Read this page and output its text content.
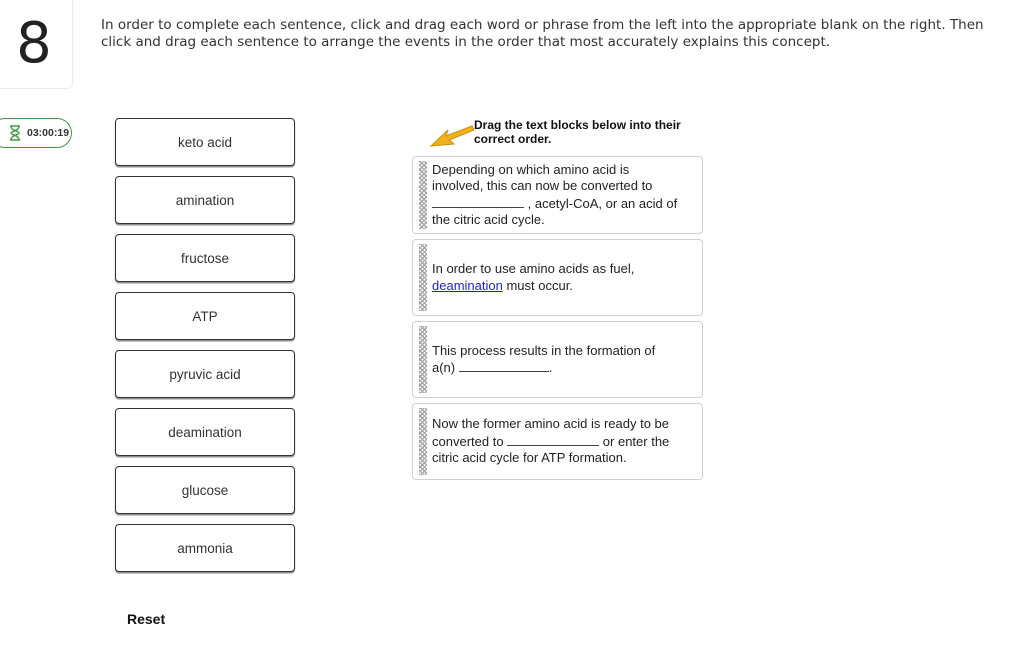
8	In order to complete each sentence, click and drag each word or phrase from the left into the appropriate blank on the right. Then click and drag each sentence to arrange the events in the order that most accurately explains this concept.
03:00:19
keto acid
amination
fructose
ATP
pyruvic acid
deamination
glucose
ammonia
Reset
Drag the text blocks below into their correct order.
Depending on which amino acid is involved, this can now be converted to  , acetyl-CoA, or an acid of the citric acid cycle.
In order to use amino acids as fuel, deamination must occur.
This process results in the formation of a(n)	.
Now the former amino acid is ready to be converted to	or enter the citric acid cycle for ATP formation.
